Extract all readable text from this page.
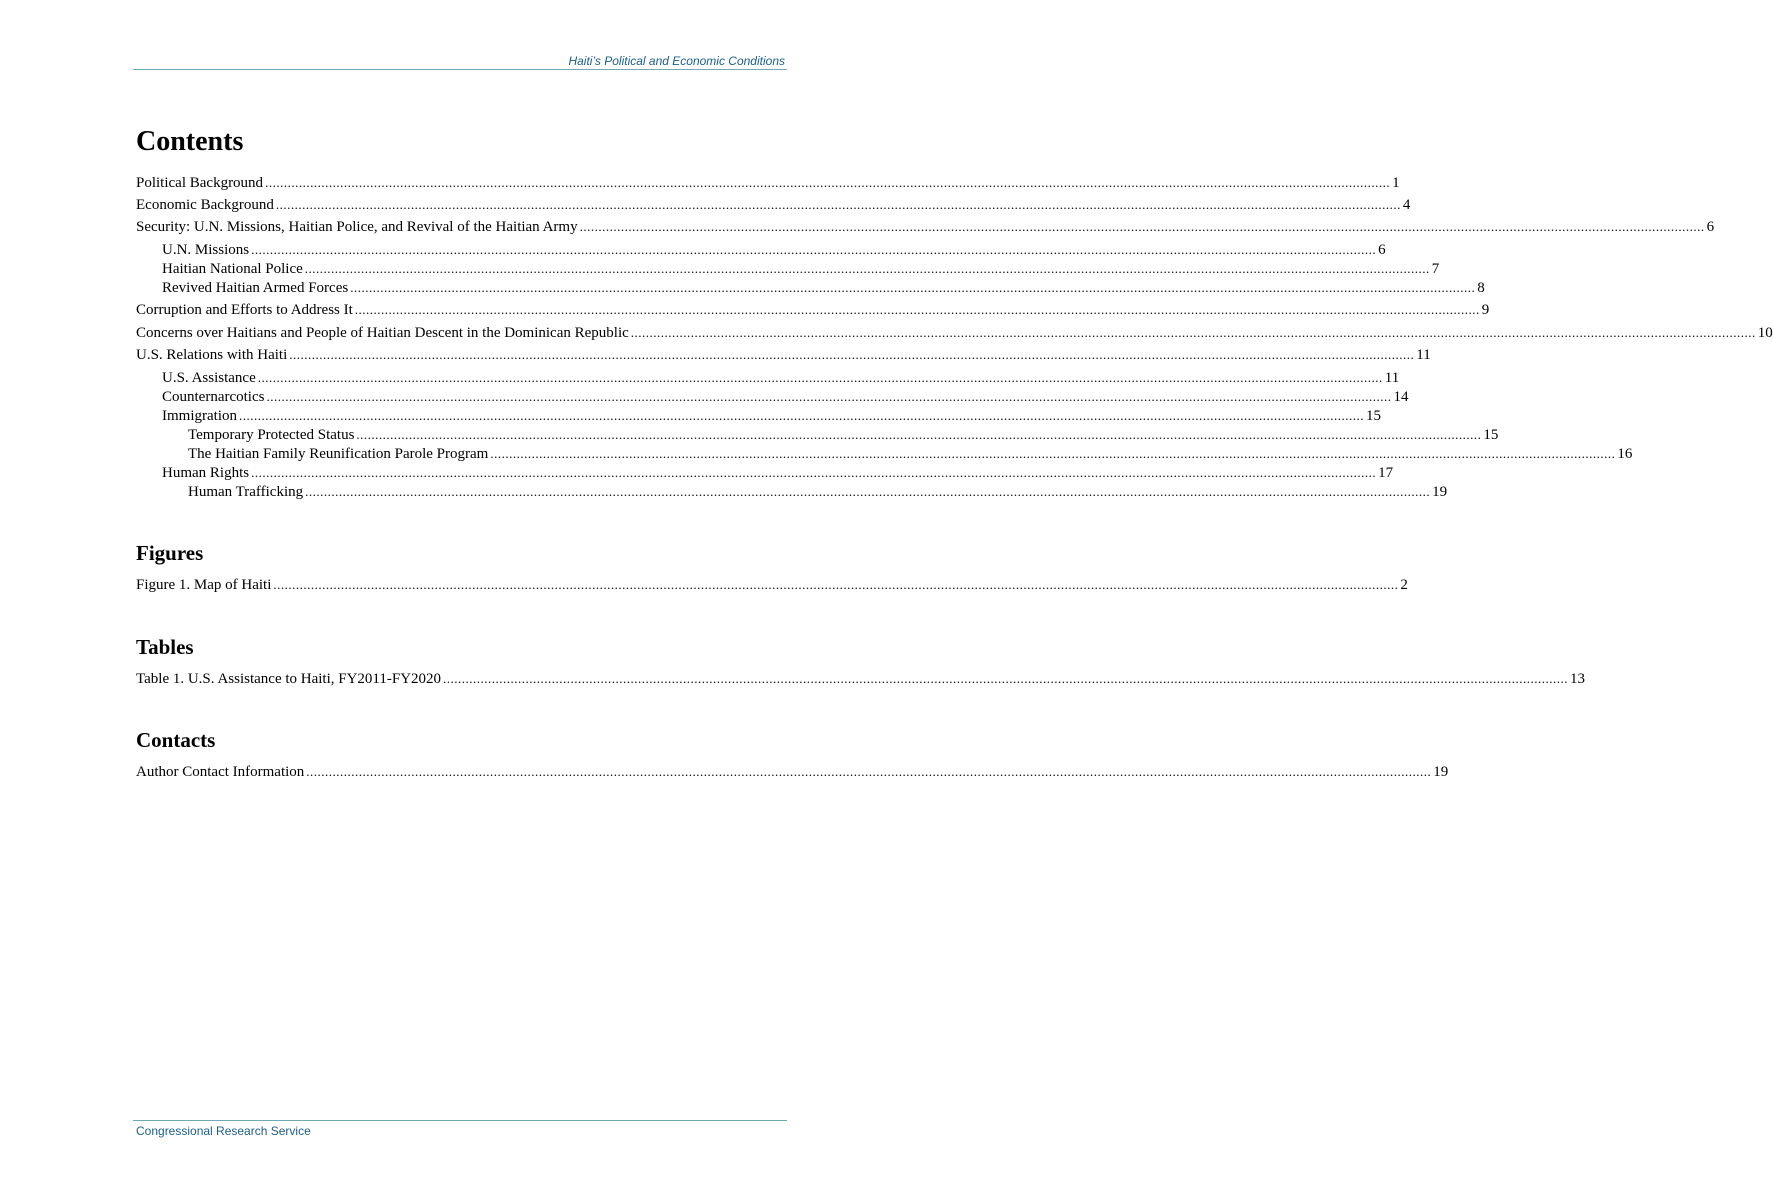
Haiti’s Political and Economic Conditions
Contents
Political Background ............................................................................................................................................................................................................................................................................................................ 1
Economic Background ............................................................................................................................................................................................................................................................................................................ 4
Security: U.N. Missions, Haitian Police, and Revival of the Haitian Army ............................................................................................................................................................................................................................................................................................................ 6
U.N. Missions ............................................................................................................................................................................................................................................................................................................ 6
Haitian National Police ............................................................................................................................................................................................................................................................................................................ 7
Revived Haitian Armed Forces ............................................................................................................................................................................................................................................................................................................ 8
Corruption and Efforts to Address It ............................................................................................................................................................................................................................................................................................................ 9
Concerns over Haitians and People of Haitian Descent in the Dominican Republic ............................................................................................................................................................................................................................................................................................................ 10
U.S. Relations with Haiti ............................................................................................................................................................................................................................................................................................................ 11
U.S. Assistance ............................................................................................................................................................................................................................................................................................................ 11
Counternarcotics ............................................................................................................................................................................................................................................................................................................ 14
Immigration ............................................................................................................................................................................................................................................................................................................ 15
Temporary Protected Status ............................................................................................................................................................................................................................................................................................................ 15
The Haitian Family Reunification Parole Program ............................................................................................................................................................................................................................................................................................................ 16
Human Rights ............................................................................................................................................................................................................................................................................................................ 17
Human Trafficking ............................................................................................................................................................................................................................................................................................................ 19
Figures
Figure 1. Map of Haiti ............................................................................................................................................................................................................................................................................................................ 2
Tables
Table 1. U.S. Assistance to Haiti, FY2011-FY2020 ............................................................................................................................................................................................................................................................................................................ 13
Contacts
Author Contact Information ............................................................................................................................................................................................................................................................................................................ 19
Congressional Research Service
